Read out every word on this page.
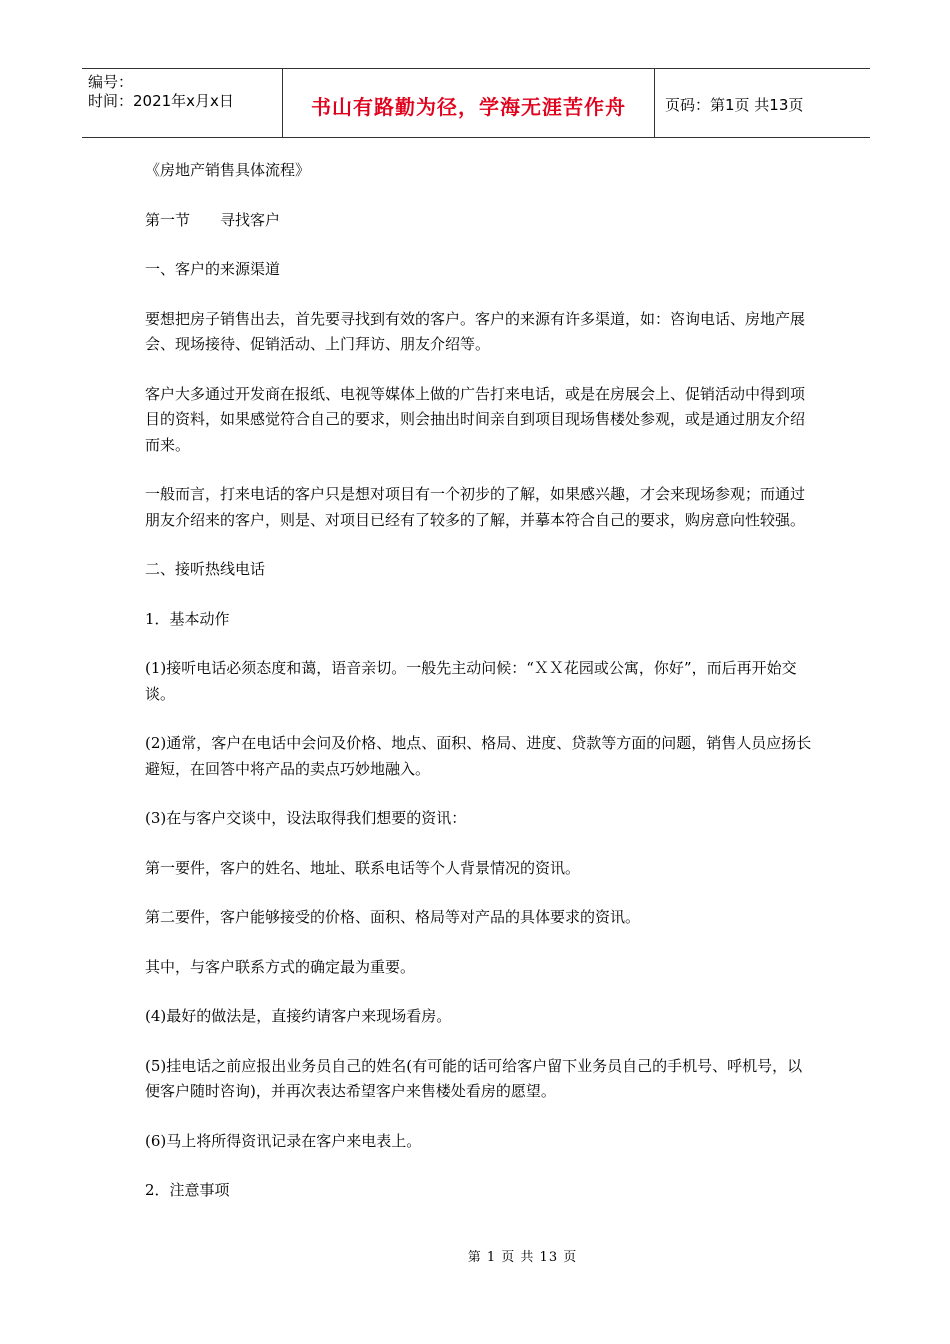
编号：
时间：2021年x月x日	书山有路勤为径，学海无涯苦作舟	页码：第1页 共13页

《房地产销售具体流程》

第一节　　寻找客户

一、客户的来源渠道

要想把房子销售出去，首先要寻找到有效的客户。客户的来源有许多渠道，如：咨询电话、房地产展会、现场接待、促销活动、上门拜访、朋友介绍等。

客户大多通过开发商在报纸、电视等媒体上做的广告打来电话，或是在房展会上、促销活动中得到项目的资料，如果感觉符合自己的要求，则会抽出时间亲自到项目现场售楼处参观，或是通过朋友介绍而来。

一般而言，打来电话的客户只是想对项目有一个初步的了解，如果感兴趣，才会来现场参观；而通过朋友介绍来的客户，则是、对项目已经有了较多的了解，并摹本符合自己的要求，购房意向性较强。

二、接听热线电话

1．基本动作

(1)接听电话必须态度和蔼，语音亲切。一般先主动问候：“ＸＸ花园或公寓，你好”，而后再开始交谈。

(2)通常，客户在电话中会问及价格、地点、面积、格局、进度、贷款等方面的问题，销售人员应扬长避短，在回答中将产品的卖点巧妙地融入。

(3)在与客户交谈中，设法取得我们想要的资讯：

第一要件，客户的姓名、地址、联系电话等个人背景情况的资讯。

第二要件，客户能够接受的价格、面积、格局等对产品的具体要求的资讯。

其中，与客户联系方式的确定最为重要。

(4)最好的做法是，直接约请客户来现场看房。

(5)挂电话之前应报出业务员自己的姓名(有可能的话可给客户留下业务员自己的手机号、呼机号，以便客户随时咨询)，并再次表达希望客户来售楼处看房的愿望。

(6)马上将所得资讯记录在客户来电表上。

2．注意事项

第 1 页 共 13 页
